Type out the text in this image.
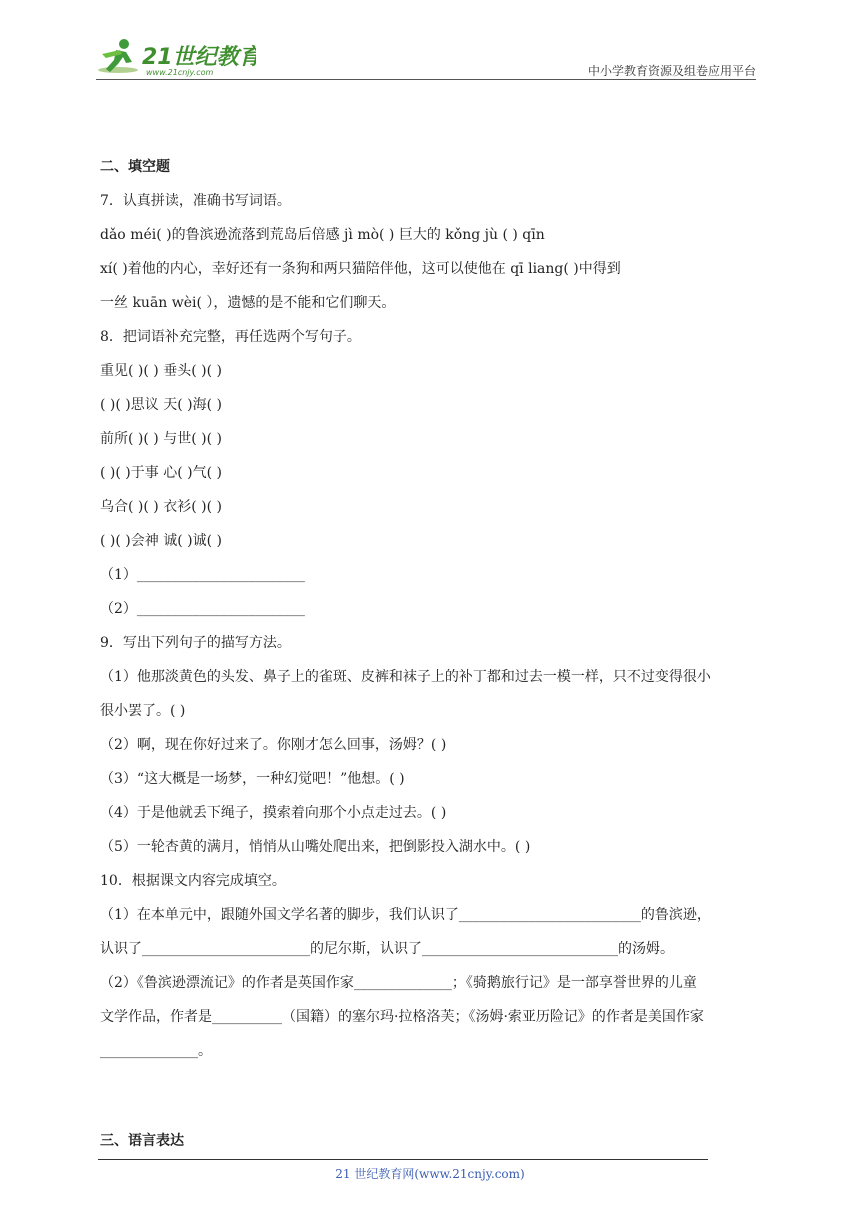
21世纪教育
www.21cnjy.com	中小学教育资源及组卷应用平台
二、填空题
7．认真拼读，准确书写词语。
dǎo méi( )的鲁滨逊流落到荒岛后倍感 jì mò( ) 巨大的 kǒng jù ( ) qīn
xí( )着他的内心，幸好还有一条狗和两只猫陪伴他，这可以使他在 qī liang( )中得到
一丝 kuān wèi( ），遗憾的是不能和它们聊天。
8．把词语补充完整，再任选两个写句子。
重见( )( ) 垂头( )( )
( )( )思议 天( )海( )
前所( )( ) 与世( )( )
( )( )于事 心( )气( )
乌合( )( ) 衣衫( )( )
( )( )会神 诚( )诚( )
（1）________________________
（2）________________________
9．写出下列句子的描写方法。
（1）他那淡黄色的头发、鼻子上的雀斑、皮裤和袜子上的补丁都和过去一模一样，只不过变得很小
很小罢了。( )
（2）啊，现在你好过来了。你刚才怎么回事，汤姆？( )
（3）“这大概是一场梦，一种幻觉吧！”他想。( )
（4）于是他就丢下绳子，摸索着向那个小点走过去。( )
（5）一轮杏黄的满月，悄悄从山嘴处爬出来，把倒影投入湖水中。( )
10．根据课文内容完成填空。
（1）在本单元中，跟随外国文学名著的脚步，我们认识了__________________________的鲁滨逊，
认识了________________________的尼尔斯，认识了____________________________的汤姆。
（2）《鲁滨逊漂流记》的作者是英国作家______________；《骑鹅旅行记》是一部享誉世界的儿童
文学作品，作者是__________（国籍）的塞尔玛·拉格洛芙；《汤姆·索亚历险记》的作者是美国作家
______________。
三、语言表达
21 世纪教育网(www.21cnjy.com)
